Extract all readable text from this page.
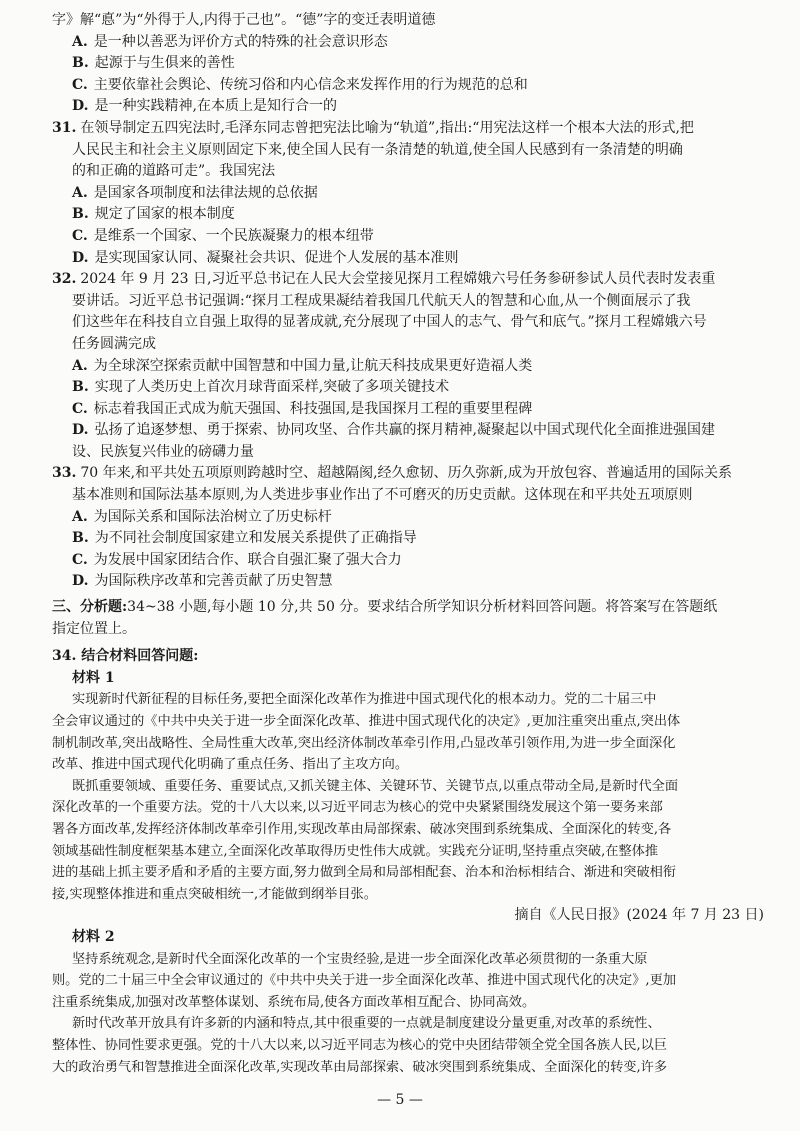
字》解“悳”为“外得于人,内得于己也”。“德”字的变迁表明道德
A. 是一种以善恶为评价方式的特殊的社会意识形态
B. 起源于与生俱来的善性
C. 主要依靠社会舆论、传统习俗和内心信念来发挥作用的行为规范的总和
D. 是一种实践精神,在本质上是知行合一的
31. 在领导制定五四宪法时,毛泽东同志曾把宪法比喻为“轨道”,指出:“用宪法这样一个根本大法的形式,把
人民民主和社会主义原则固定下来,使全国人民有一条清楚的轨道,使全国人民感到有一条清楚的明确
的和正确的道路可走”。我国宪法
A. 是国家各项制度和法律法规的总依据
B. 规定了国家的根本制度
C. 是维系一个国家、一个民族凝聚力的根本纽带
D. 是实现国家认同、凝聚社会共识、促进个人发展的基本准则
32. 2024 年 9 月 23 日,习近平总书记在人民大会堂接见探月工程嫦娥六号任务参研参试人员代表时发表重
要讲话。习近平总书记强调:“探月工程成果凝结着我国几代航天人的智慧和心血,从一个侧面展示了我
们这些年在科技自立自强上取得的显著成就,充分展现了中国人的志气、骨气和底气。”探月工程嫦娥六号
任务圆满完成
A. 为全球深空探索贡献中国智慧和中国力量,让航天科技成果更好造福人类
B. 实现了人类历史上首次月球背面采样,突破了多项关键技术
C. 标志着我国正式成为航天强国、科技强国,是我国探月工程的重要里程碑
D. 弘扬了追逐梦想、勇于探索、协同攻坚、合作共赢的探月精神,凝聚起以中国式现代化全面推进强国建
设、民族复兴伟业的磅礴力量
33. 70 年来,和平共处五项原则跨越时空、超越隔阂,经久愈韧、历久弥新,成为开放包容、普遍适用的国际关系
基本准则和国际法基本原则,为人类进步事业作出了不可磨灭的历史贡献。这体现在和平共处五项原则
A. 为国际关系和国际法治树立了历史标杆
B. 为不同社会制度国家建立和发展关系提供了正确指导
C. 为发展中国家团结合作、联合自强汇聚了强大合力
D. 为国际秩序改革和完善贡献了历史智慧
三、分析题:34~38 小题,每小题 10 分,共 50 分。要求结合所学知识分析材料回答问题。将答案写在答题纸
指定位置上。
34. 结合材料回答问题:
材料 1
实现新时代新征程的目标任务,要把全面深化改革作为推进中国式现代化的根本动力。党的二十届三中
全会审议通过的《中共中央关于进一步全面深化改革、推进中国式现代化的决定》,更加注重突出重点,突出体
制机制改革,突出战略性、全局性重大改革,突出经济体制改革牵引作用,凸显改革引领作用,为进一步全面深化
改革、推进中国式现代化明确了重点任务、指出了主攻方向。
既抓重要领域、重要任务、重要试点,又抓关键主体、关键环节、关键节点,以重点带动全局,是新时代全面
深化改革的一个重要方法。党的十八大以来,以习近平同志为核心的党中央紧紧围绕发展这个第一要务来部
署各方面改革,发挥经济体制改革牵引作用,实现改革由局部探索、破冰突围到系统集成、全面深化的转变,各
领域基础性制度框架基本建立,全面深化改革取得历史性伟大成就。实践充分证明,坚持重点突破,在整体推
进的基础上抓主要矛盾和矛盾的主要方面,努力做到全局和局部相配套、治本和治标相结合、渐进和突破相衔
接,实现整体推进和重点突破相统一,才能做到纲举目张。
摘自《人民日报》(2024 年 7 月 23 日)
材料 2
坚持系统观念,是新时代全面深化改革的一个宝贵经验,是进一步全面深化改革必须贯彻的一条重大原
则。党的二十届三中全会审议通过的《中共中央关于进一步全面深化改革、推进中国式现代化的决定》,更加
注重系统集成,加强对改革整体谋划、系统布局,使各方面改革相互配合、协同高效。
新时代改革开放具有许多新的内涵和特点,其中很重要的一点就是制度建设分量更重,对改革的系统性、
整体性、协同性要求更强。党的十八大以来,以习近平同志为核心的党中央团结带领全党全国各族人民,以巨
大的政治勇气和智慧推进全面深化改革,实现改革由局部探索、破冰突围到系统集成、全面深化的转变,许多
— 5 —
